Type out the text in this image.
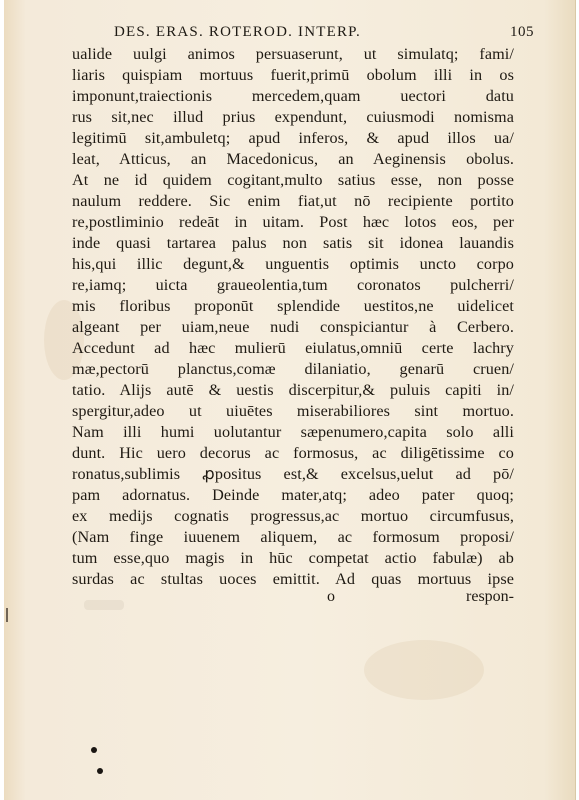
DES. ERAS. ROTEROD. INTERP.	105
ualide uulgi animos persuaserunt, ut simulatq; fami/
liaris quispiam mortuus fuerit,primū obolum illi in os
imponunt,traiectionis mercedem,quam uectori datu
rus sit,nec illud prius expendunt, cuiusmodi nomisma
legitimū sit,ambuletq; apud inferos, & apud illos ua/
leat, Atticus, an Macedonicus, an Aeginensis obolus.
At ne id quidem cogitant,multo satius esse, non posse
naulum reddere. Sic enim fiat,ut nō recipiente portito
re,postliminio redeāt in uitam. Post hæc lotos eos, per
inde quasi tartarea palus non satis sit idonea lauandis
his,qui illic degunt,& unguentis optimis uncto corpo
re,iamq; uicta graueolentia,tum coronatos pulcherri/
mis floribus proponūt splendide uestitos,ne uidelicet
algeant per uiam,neue nudi conspiciantur à Cerbero.
Accedunt ad hæc mulierū eiulatus,omniū certe lachry
mæ,pectorū planctus,comæ dilaniatio, genarū cruen/
tatio. Alijs autē & uestis discerpitur,& puluis capiti in/
spergitur,adeo ut uiuētes miserabiliores sint mortuo.
Nam illi humi uolutantur sæpenumero,capita solo alli
dunt. Hic uero decorus ac formosus, ac diligētissime co
ronatus,sublimis ꝓpositus est,& excelsus,uelut ad pō/
pam adornatus. Deinde mater,atq; adeo pater quoq;
ex medijs cognatis progressus,ac mortuo circumfusus,
(Nam finge iuuenem aliquem, ac formosum proposi/
tum esse,quo magis in hūc competat actio fabulæ) ab
surdas ac stultas uoces emittit. Ad quas mortuus ipse
o	respon-
